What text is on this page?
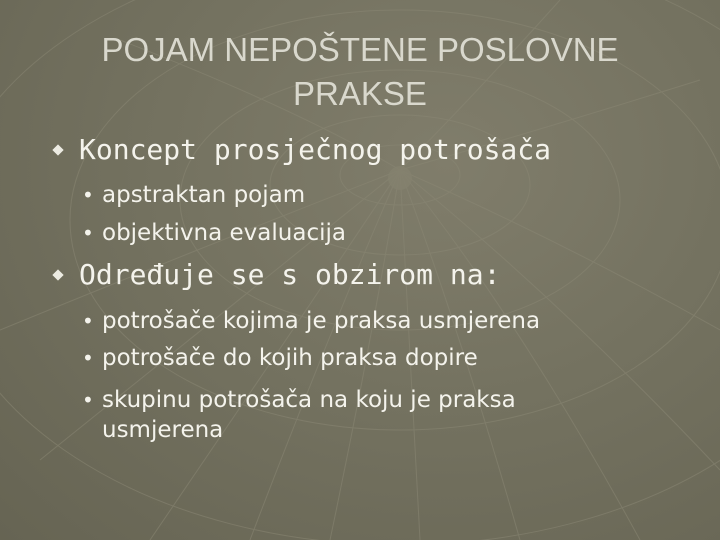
POJAM NEPOŠTENE POSLOVNE PRAKSE
Koncept prosječnog potrošača
• apstraktan pojam
• objektivna evaluacija
Određuje se s obzirom na:
• potrošače kojima je praksa usmjerena
• potrošače do kojih praksa dopire
• skupinu potrošača na koju je praksa usmjerena
